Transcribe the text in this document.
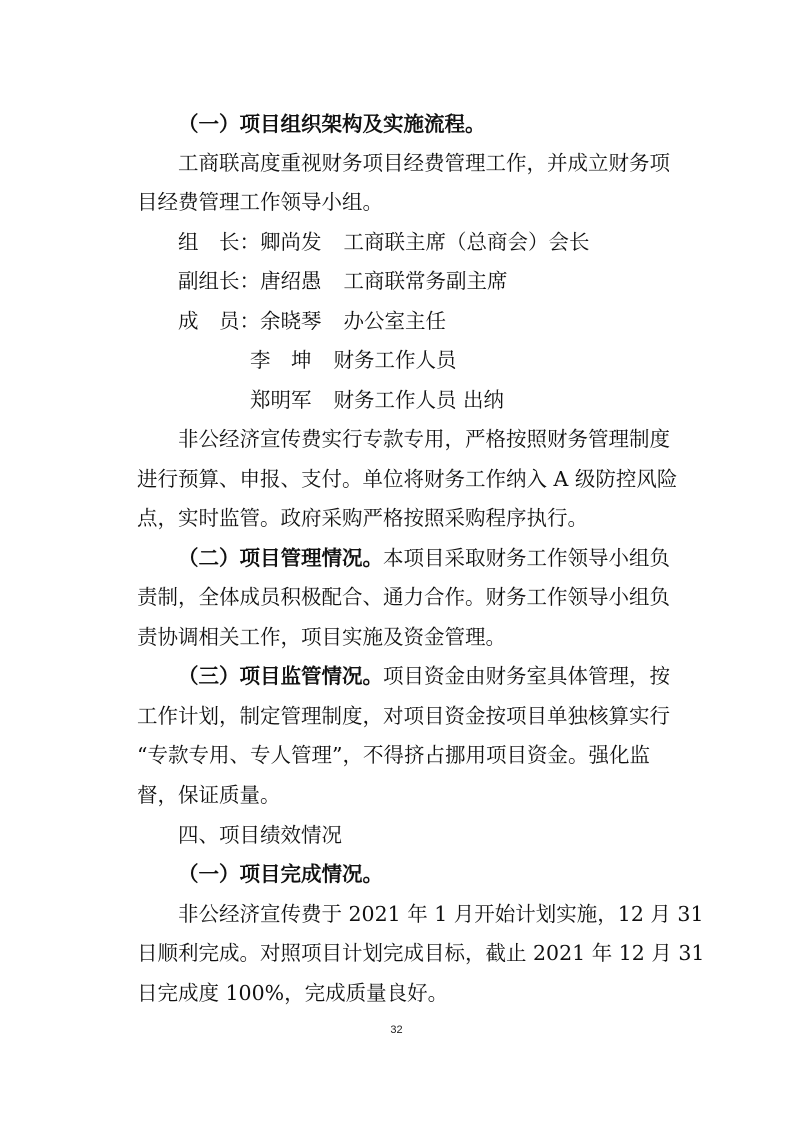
（一）项目组织架构及实施流程。
工商联高度重视财务项目经费管理工作，并成立财务项
目经费管理工作领导小组。
组　长：卿尚发 工商联主席（总商会）会长
副组长：唐绍愚 工商联常务副主席
成　员：余晓琴 办公室主任
李　坤 财务工作人员
郑明军 财务工作人员 出纳
非公经济宣传费实行专款专用，严格按照财务管理制度
进行预算、申报、支付。单位将财务工作纳入 A 级防控风险
点，实时监管。政府采购严格按照采购程序执行。
（二）项目管理情况。本项目采取财务工作领导小组负
责制，全体成员积极配合、通力合作。财务工作领导小组负
责协调相关工作，项目实施及资金管理。
（三）项目监管情况。项目资金由财务室具体管理，按
工作计划，制定管理制度，对项目资金按项目单独核算实行
“专款专用、专人管理”，不得挤占挪用项目资金。强化监
督，保证质量。
四、项目绩效情况
（一）项目完成情况。
非公经济宣传费于 2021 年 1 月开始计划实施，12 月 31
日顺利完成。对照项目计划完成目标，截止 2021 年 12 月 31
日完成度 100%，完成质量良好。
32
